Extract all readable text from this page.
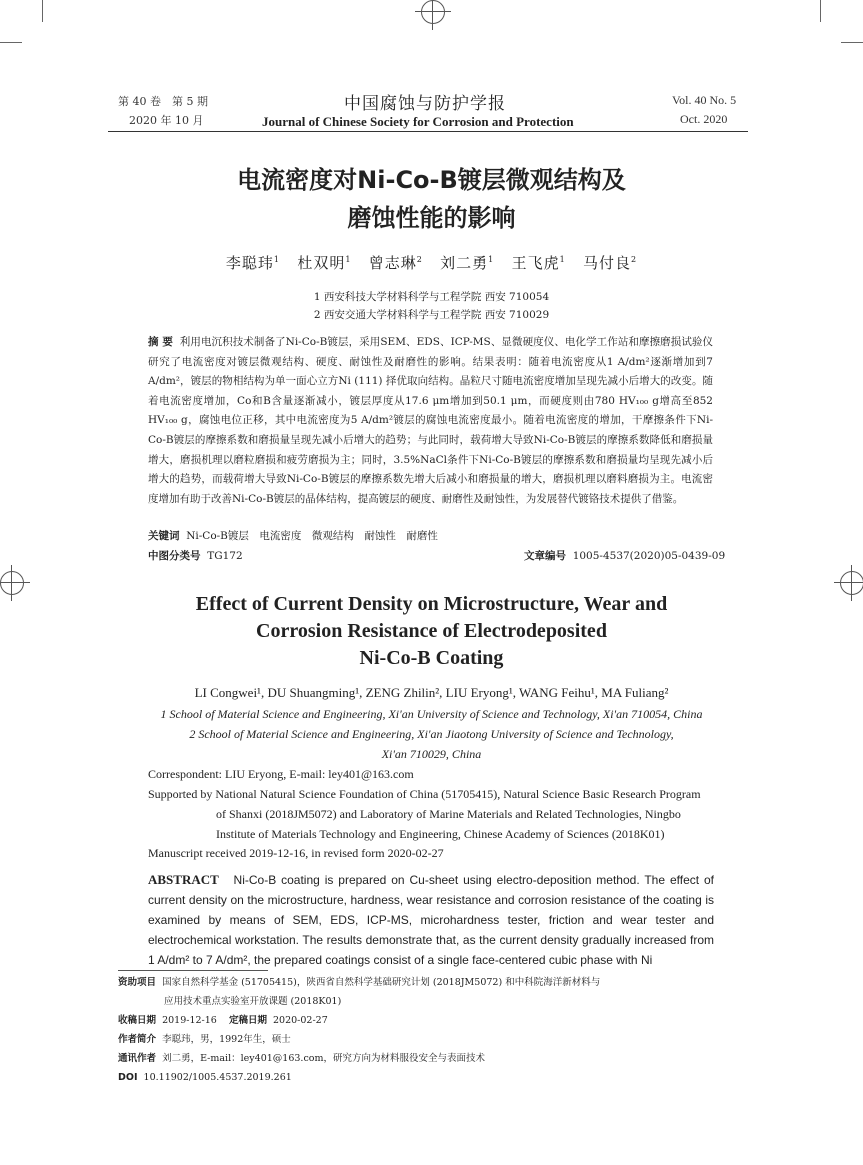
第 40 卷　第 5 期
2020 年 10 月
中国腐蚀与防护学报
Journal of Chinese Society for Corrosion and Protection
Vol. 40 No. 5
Oct. 2020
电流密度对Ni-Co-B镀层微观结构及
磨蚀性能的影响
李聪玮$^1$ 杜双明$^1$ 曾志琳$^2$ 刘二勇$^1$ 王飞虎$^1$ 马付良$^2$
1 西安科技大学材料科学与工程学院 西安 710054
2 西安交通大学材料科学与工程学院 西安 710029
摘 要 利用电沉积技术制备了Ni-Co-B镀层，采用SEM、EDS、ICP-MS、显微硬度仪、电化学工作站和摩擦磨损试验仪研究了电流密度对镀层微观结构、硬度、耐蚀性及耐磨性的影响。结果表明：随着电流密度从1 A/dm²逐渐增加到7 A/dm²，镀层的物相结构为单一面心立方Ni (111) 择优取向结构。晶粒尺寸随电流密度增加呈现先减小后增大的改变。随着电流密度增加，Co和B含量逐渐减小，镀层厚度从17.6 μm增加到50.1 μm，而硬度则由780 HV₁₀₀ g增高至852 HV₁₀₀ g，腐蚀电位正移，其中电流密度为5 A/dm²镀层的腐蚀电流密度最小。随着电流密度的增加，干摩擦条件下Ni-Co-B镀层的摩擦系数和磨损量呈现先减小后增大的趋势；与此同时，载荷增大导致Ni-Co-B镀层的摩擦系数降低和磨损量增大，磨损机理以磨粒磨损和疲劳磨损为主；同时，3.5%NaCl条件下Ni-Co-B镀层的摩擦系数和磨损量均呈现先减小后增大的趋势，而载荷增大导致Ni-Co-B镀层的摩擦系数先增大后减小和磨损量的增大，磨损机理以磨料磨损为主。电流密度增加有助于改善Ni-Co-B镀层的晶体结构，提高镀层的硬度、耐磨性及耐蚀性，为发展替代镀铬技术提供了借鉴。
关键词 Ni-Co-B镀层　电流密度　微观结构　耐蚀性　耐磨性
中图分类号 TG172	文章编号 1005-4537(2020)05-0439-09
Effect of Current Density on Microstructure, Wear and
Corrosion Resistance of Electrodeposited
Ni-Co-B Coating
LI Congwei¹, DU Shuangming¹, ZENG Zhilin², LIU Eryong¹, WANG Feihu¹, MA Fuliang²
1 School of Material Science and Engineering, Xi'an University of Science and Technology, Xi'an 710054, China
2 School of Material Science and Engineering, Xi'an Jiaotong University of Science and Technology,
Xi'an 710029, China
Correspondent: LIU Eryong, E-mail: ley401@163.com
Supported by National Natural Science Foundation of China (51705415), Natural Science Basic Research Program
of Shanxi (2018JM5072) and Laboratory of Marine Materials and Related Technologies, Ningbo
Institute of Materials Technology and Engineering, Chinese Academy of Sciences (2018K01)
Manuscript received 2019-12-16, in revised form 2020-02-27
ABSTRACT Ni-Co-B coating is prepared on Cu-sheet using electro-deposition method. The effect of current density on the microstructure, hardness, wear resistance and corrosion resistance of the coating is examined by means of SEM, EDS, ICP-MS, microhardness tester, friction and wear tester and electrochemical workstation. The results demonstrate that, as the current density gradually increased from 1 A/dm² to 7 A/dm², the prepared coatings consist of a single face-centered cubic phase with Ni
资助项目 国家自然科学基金 (51705415)，陕西省自然科学基础研究计划 (2018JM5072) 和中科院海洋新材料与
应用技术重点实验室开放课题 (2018K01)
收稿日期 2019-12-16 定稿日期 2020-02-27
作者简介 李聪玮，男，1992年生，硕士
通讯作者 刘二勇，E-mail：ley401@163.com，研究方向为材料服役安全与表面技术
DOI 10.11902/1005.4537.2019.261
